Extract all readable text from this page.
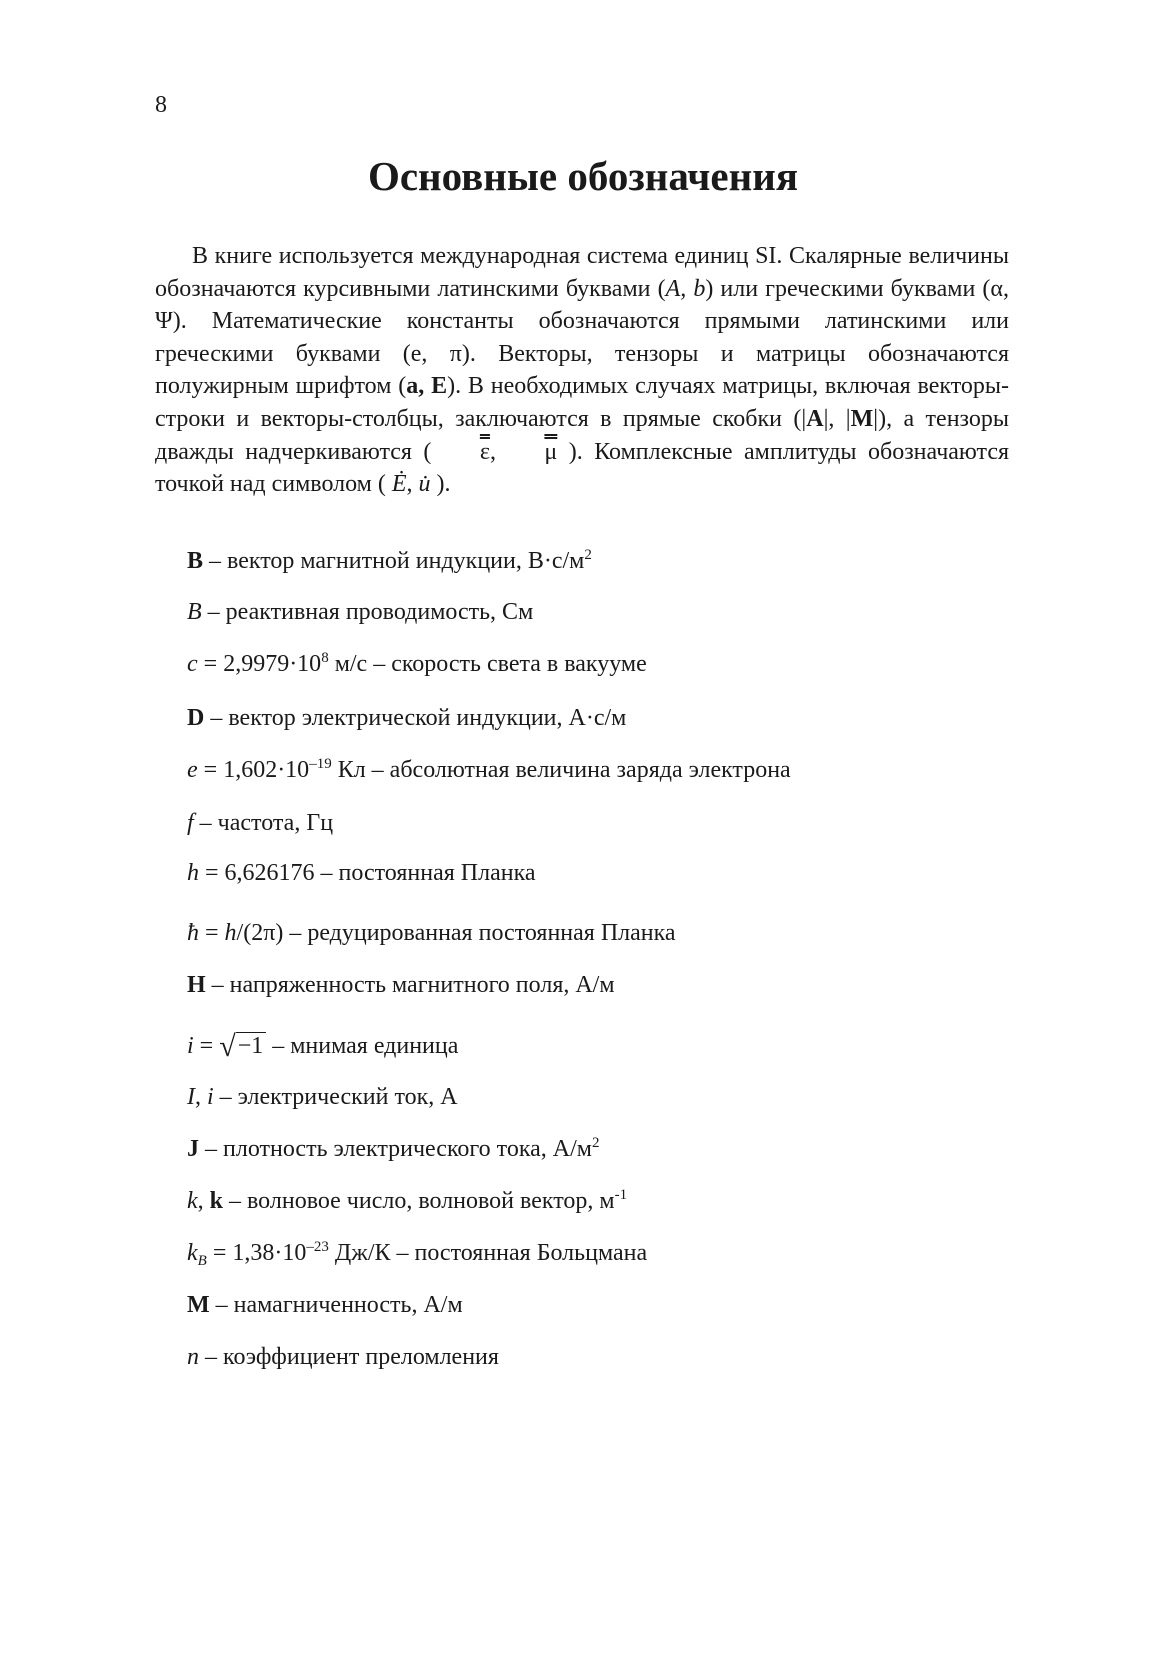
8
Основные обозначения

В книге используется международная система единиц SI. Скалярные величины обозначаются курсивными латинскими буквами (A, b) или греческими буквами (α, Ψ). Математические константы обозначаются прямыми латинскими или греческими буквами (e, π). Векторы, тензоры и матрицы обозначаются полужирным шрифтом (a, E). В необходимых случаях матрицы, включая векторы-строки и векторы-столбцы, заключаются в прямые скобки (|A|, |M|), а тензоры дважды надчеркиваются ( ε, μ ). Комплексные амплитуды обозначаются точкой над символом ( Ė, u̇ ).

B – вектор магнитной индукции, $В\cdot с/м^2$
B – реактивная проводимость, См
$c = 2,9979\cdot 10^8$ м/с – скорость света в вакууме
D – вектор электрической индукции, А·с/м
$e = 1,602\cdot 10^{-19}$ Кл – абсолютная величина заряда электрона
f – частота, Гц
h = 6,626176 – постоянная Планка
ħ = h/(2π) – редуцированная постоянная Планка
H – напряженность магнитного поля, А/м
i = √−1 – мнимая единица
I, i – электрический ток, А
J – плотность электрического тока, $А/м^2$
k, k – волновое число, волновой вектор, $м^{-1}$
$k_B = 1,38\cdot 10^{-23}$ Дж/К – постоянная Больцмана
M – намагниченность, А/м
n – коэффициент преломления
